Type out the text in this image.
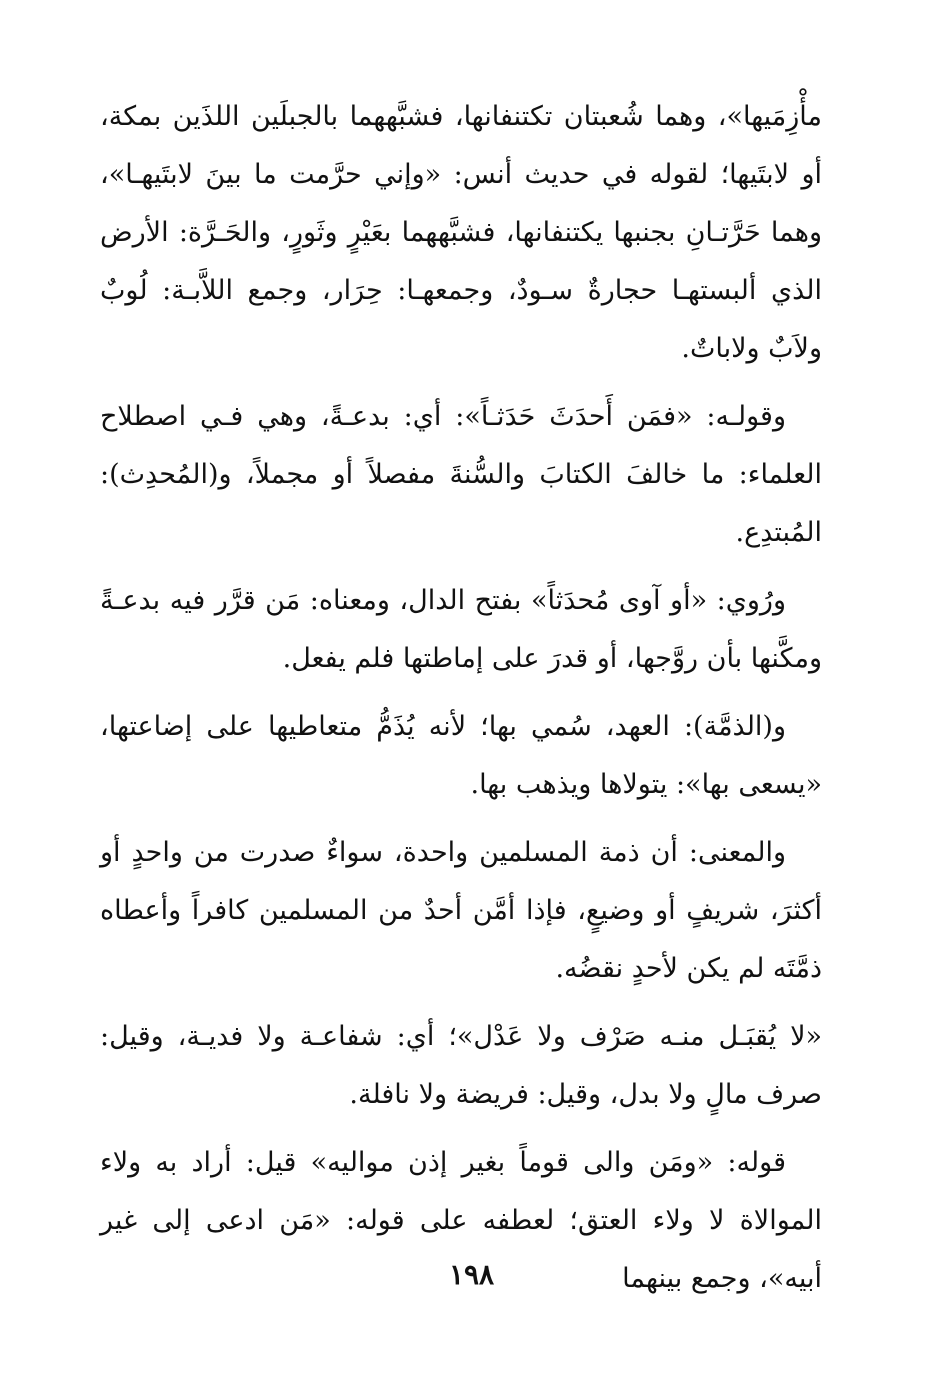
مأْزِمَيها»، وهما شُعبتان تكتنفانها، فشبَّههما بالجبلَين اللذَين بمكة، أو لابتَيها؛ لقوله في حديث أنس: «وإني حرَّمت ما بينَ لابتَيهـا»، وهما حَرَّتـانِ بجنبها يكتنفانها، فشبَّههما بعَيْرٍ وثَورٍ، والحَـرَّة: الأرض الذي ألبستهـا حجارةٌ سـودٌ، وجمعهـا: حِرَار، وجمع اللاَّبـة: لُوبٌ ولاَبٌ ولاباتٌ.

وقولـه: «فمَن أَحدَثَ حَدَثـاً»: أي: بدعـةً، وهي فـي اصطلاح العلماء: ما خالفَ الكتابَ والسُّنةَ مفصلاً أو مجملاً، و(المُحدِث): المُبتدِع.

ورُوي: «أو آوى مُحدَثاً» بفتح الدال، ومعناه: مَن قرَّر فيه بدعـةً ومكَّنها بأن روَّجها، أو قدرَ على إماطتها فلم يفعل.

و(الذمَّة): العهد، سُمي بها؛ لأنه يُذَمُّ متعاطيها على إضاعتها، «يسعى بها»: يتولاها ويذهب بها.

والمعنى: أن ذمة المسلمين واحدة، سواءٌ صدرت من واحدٍ أو أكثرَ، شريفٍ أو وضيعٍ، فإذا أمَّن أحدٌ من المسلمين كافراً وأعطاه ذمَّتَه لم يكن لأحدٍ نقضُه.

«لا يُقبَـل منـه صَرْف ولا عَدْل»؛ أي: شفاعـة ولا فديـة، وقيل: صرف مالٍ ولا بدل، وقيل: فريضة ولا نافلة.

قوله: «ومَن والى قوماً بغير إذن مواليه» قيل: أراد به ولاء الموالاة لا ولاء العتق؛ لعطفه على قوله: «مَن ادعى إلى غير أبيه»، وجمع بينهما

١٩٨
